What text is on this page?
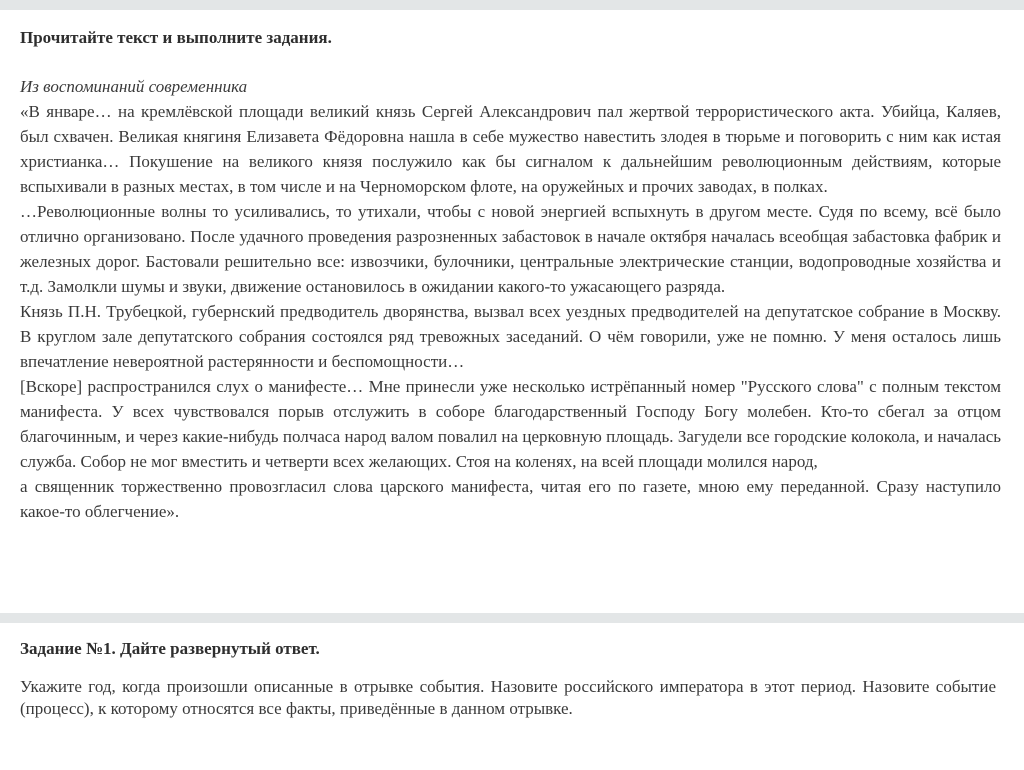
Прочитайте текст и выполните задания.

Из воспоминаний современника

«В январе… на кремлёвской площади великий князь Сергей Александрович пал жертвой террористического акта. Убийца, Каляев, был схвачен. Великая княгиня Елизавета Фёдоровна нашла в себе мужество навестить злодея в тюрьме и поговорить с ним как истая христианка… Покушение на великого князя послужило как бы сигналом к дальнейшим революционным действиям, которые вспыхивали в разных местах, в том числе и на Черноморском флоте, на оружейных и прочих заводах, в полках.

…Революционные волны то усиливались, то утихали, чтобы с новой энергией вспыхнуть в другом месте. Судя по всему, всё было отлично организовано. После удачного проведения разрозненных забастовок в начале октября началась всеобщая забастовка фабрик и железных дорог. Бастовали решительно все: извозчики, булочники, центральные электрические станции, водопроводные хозяйства и т.д. Замолкли шумы и звуки, движение остановилось в ожидании какого-то ужасающего разряда.

Князь П.Н. Трубецкой, губернский предводитель дворянства, вызвал всех уездных предводителей на депутатское собрание в Москву. В круглом зале депутатского собрания состоялся ряд тревожных заседаний. О чём говорили, уже не помню. У меня осталось лишь впечатление невероятной растерянности и беспомощности…

[Вскоре] распространился слух о манифесте… Мне принесли уже несколько истрёпанный номер "Русского слова" с полным текстом манифеста. У всех чувствовался порыв отслужить в соборе благодарственный Господу Богу молебен. Кто-то сбегал за отцом благочинным, и через какие-нибудь полчаса народ валом повалил на церковную площадь. Загудели все городские колокола, и началась служба. Собор не мог вместить и четверти всех желающих. Стоя на коленях, на всей площади молился народ,

а священник торжественно провозгласил слова царского манифеста, читая его по газете, мною ему переданной. Сразу наступило какое-то облегчение».

Задание №1. Дайте развернутый ответ.

Укажите год, когда произошли описанные в отрывке события. Назовите российского императора в этот период. Назовите событие (процесс), к которому относятся все факты, приведённые в данном отрывке.
